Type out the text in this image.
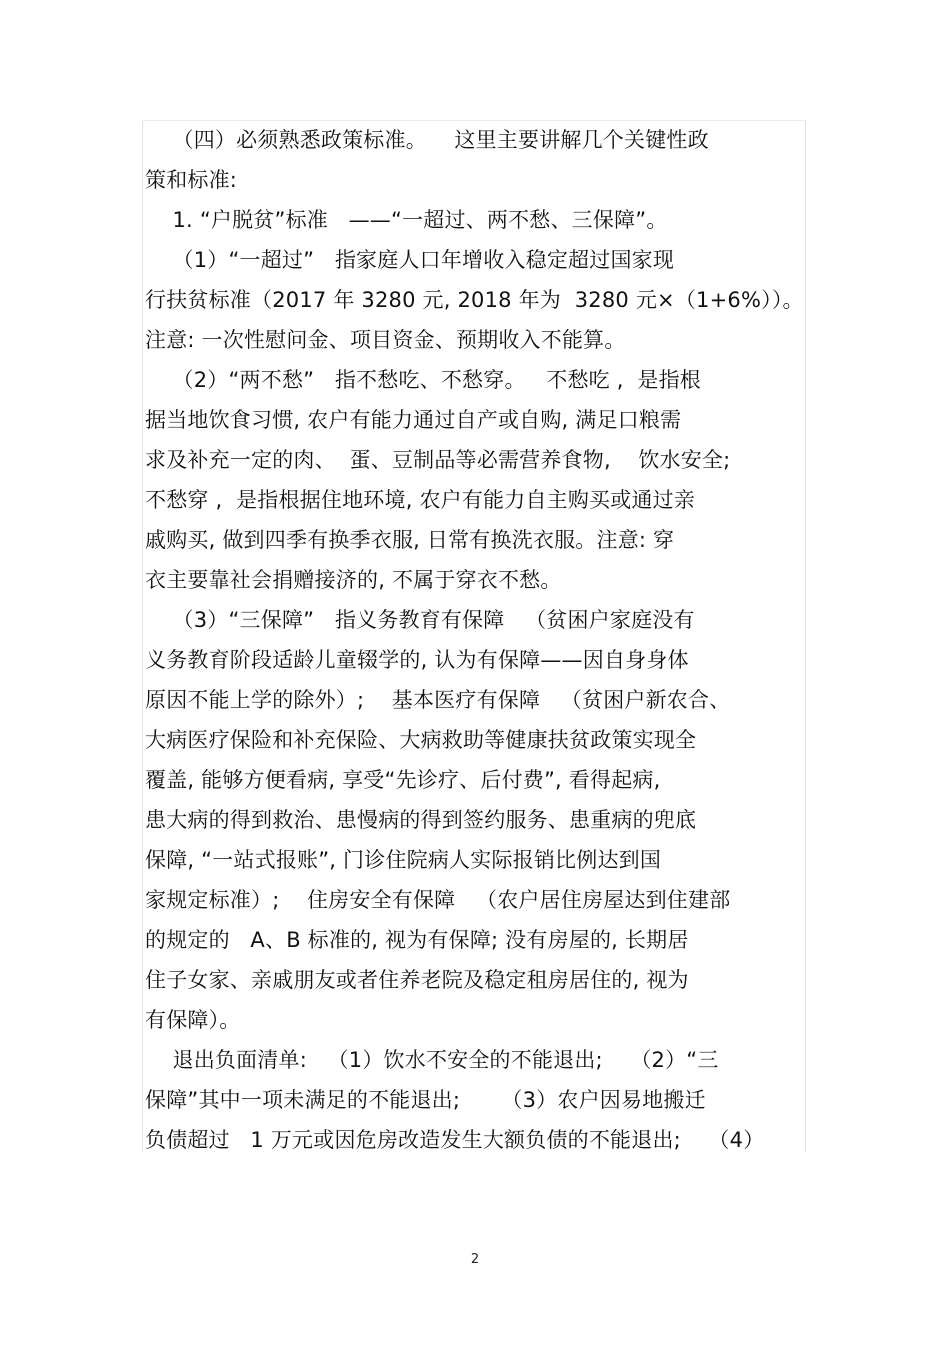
（四）必须熟悉政策标准。    这里主要讲解几个关键性政
策和标准:
1. “户脱贫”标准   ——“一超过、两不愁、三保障”。
（1）“一超过”   指家庭人口年增收入稳定超过国家现
行扶贫标准（2017 年 3280 元, 2018 年为  3280 元×（1+6%））。
注意: 一次性慰问金、项目资金、预期收入不能算。
（2）“两不愁”   指不愁吃、不愁穿。   不愁吃 ,  是指根
据当地饮食习惯, 农户有能力通过自产或自购, 满足口粮需
求及补充一定的肉、  蛋、豆制品等必需营养食物,    饮水安全;
不愁穿 ,  是指根据住地环境, 农户有能力自主购买或通过亲
戚购买, 做到四季有换季衣服, 日常有换洗衣服。注意: 穿
衣主要靠社会捐赠接济的, 不属于穿衣不愁。
（3）“三保障”   指义务教育有保障   （贫困户家庭没有
义务教育阶段适龄儿童辍学的, 认为有保障——因自身身体
原因不能上学的除外）;    基本医疗有保障   （贫困户新农合、
大病医疗保险和补充保险、大病救助等健康扶贫政策实现全
覆盖, 能够方便看病, 享受“先诊疗、后付费”, 看得起病,
患大病的得到救治、患慢病的得到签约服务、患重病的兜底
保障, “一站式报账”, 门诊住院病人实际报销比例达到国
家规定标准）;    住房安全有保障   （农户居住房屋达到住建部
的规定的   A、B 标准的, 视为有保障; 没有房屋的, 长期居
住子女家、亲戚朋友或者住养老院及稳定租房居住的, 视为
有保障）。
退出负面清单:   （1）饮水不安全的不能退出;    （2）“三
保障”其中一项未满足的不能退出;      （3）农户因易地搬迁
负债超过   1 万元或因危房改造发生大额负债的不能退出;    （4）
2
